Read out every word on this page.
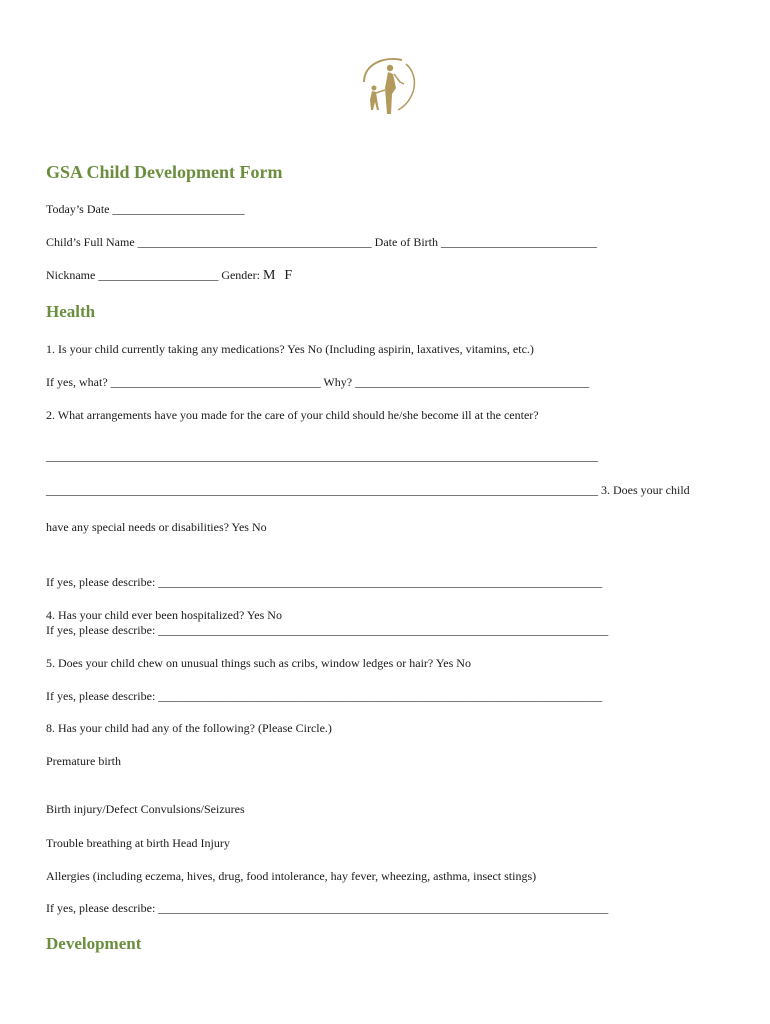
GSA Child Development Form
Today’s Date ______________________
Child’s Full Name _______________________________________ Date of Birth __________________________
Nickname ____________________ Gender: M F
Health
1. Is your child currently taking any medications? Yes No (Including aspirin, laxatives, vitamins, etc.)
If yes, what? ___________________________________ Why? _______________________________________
2. What arrangements have you made for the care of your child should he/she become ill at the center?
____________________________________________________________________________________________
____________________________________________________________________________________________ 3. Does your child
have any special needs or disabilities? Yes No
If yes, please describe: __________________________________________________________________________
4. Has your child ever been hospitalized? Yes No
If yes, please describe: ___________________________________________________________________________
5. Does your child chew on unusual things such as cribs, window ledges or hair? Yes No
If yes, please describe: __________________________________________________________________________
8. Has your child had any of the following? (Please Circle.)
Premature birth
Birth injury/Defect Convulsions/Seizures
Trouble breathing at birth Head Injury
Allergies (including eczema, hives, drug, food intolerance, hay fever, wheezing, asthma, insect stings)
If yes, please describe: ___________________________________________________________________________
Development
